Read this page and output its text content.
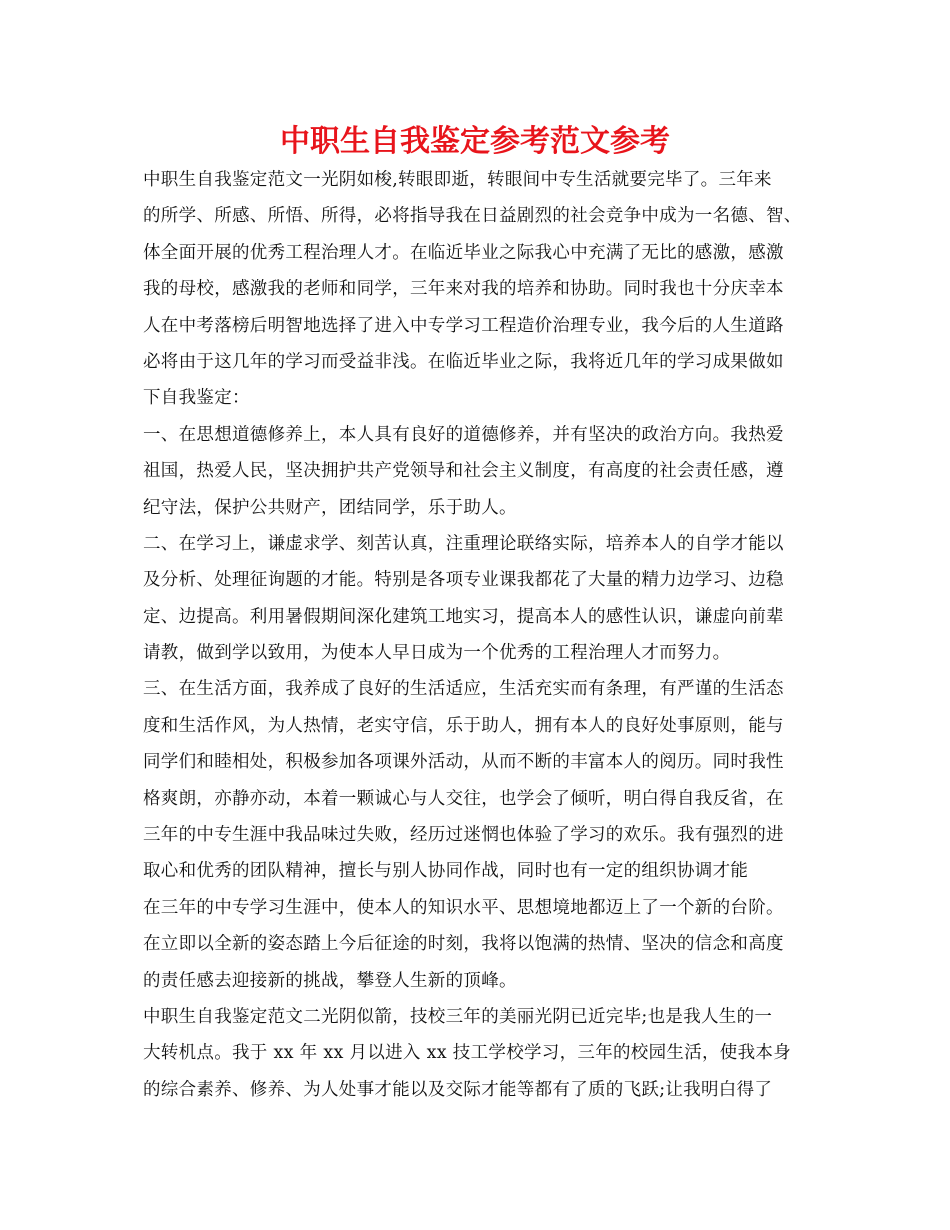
中职生自我鉴定参考范文参考
中职生自我鉴定范文一光阴如梭,转眼即逝，转眼间中专生活就要完毕了。三年来
的所学、所感、所悟、所得，必将指导我在日益剧烈的社会竞争中成为一名德、智、
体全面开展的优秀工程治理人才。在临近毕业之际我心中充满了无比的感激，感激
我的母校，感激我的老师和同学，三年来对我的培养和协助。同时我也十分庆幸本
人在中考落榜后明智地选择了进入中专学习工程造价治理专业，我今后的人生道路
必将由于这几年的学习而受益非浅。在临近毕业之际，我将近几年的学习成果做如
下自我鉴定：
一、在思想道德修养上，本人具有良好的道德修养，并有坚决的政治方向。我热爱
祖国，热爱人民，坚决拥护共产党领导和社会主义制度，有高度的社会责任感，遵
纪守法，保护公共财产，团结同学，乐于助人。
二、在学习上，谦虚求学、刻苦认真，注重理论联络实际，培养本人的自学才能以
及分析、处理征询题的才能。特别是各项专业课我都花了大量的精力边学习、边稳
定、边提高。利用暑假期间深化建筑工地实习，提高本人的感性认识，谦虚向前辈
请教，做到学以致用，为使本人早日成为一个优秀的工程治理人才而努力。
三、在生活方面，我养成了良好的生活适应，生活充实而有条理，有严谨的生活态
度和生活作风，为人热情，老实守信，乐于助人，拥有本人的良好处事原则，能与
同学们和睦相处，积极参加各项课外活动，从而不断的丰富本人的阅历。同时我性
格爽朗，亦静亦动，本着一颗诚心与人交往，也学会了倾听，明白得自我反省，在
三年的中专生涯中我品味过失败，经历过迷惘也体验了学习的欢乐。我有强烈的进
取心和优秀的团队精神，擅长与别人协同作战，同时也有一定的组织协调才能
在三年的中专学习生涯中，使本人的知识水平、思想境地都迈上了一个新的台阶。
在立即以全新的姿态踏上今后征途的时刻，我将以饱满的热情、坚决的信念和高度
的责任感去迎接新的挑战，攀登人生新的顶峰。
中职生自我鉴定范文二光阴似箭，技校三年的美丽光阴已近完毕;也是我人生的一
大转机点。我于 xx 年 xx 月以进入 xx 技工学校学习，三年的校园生活，使我本身
的综合素养、修养、为人处事才能以及交际才能等都有了质的飞跃;让我明白得了
